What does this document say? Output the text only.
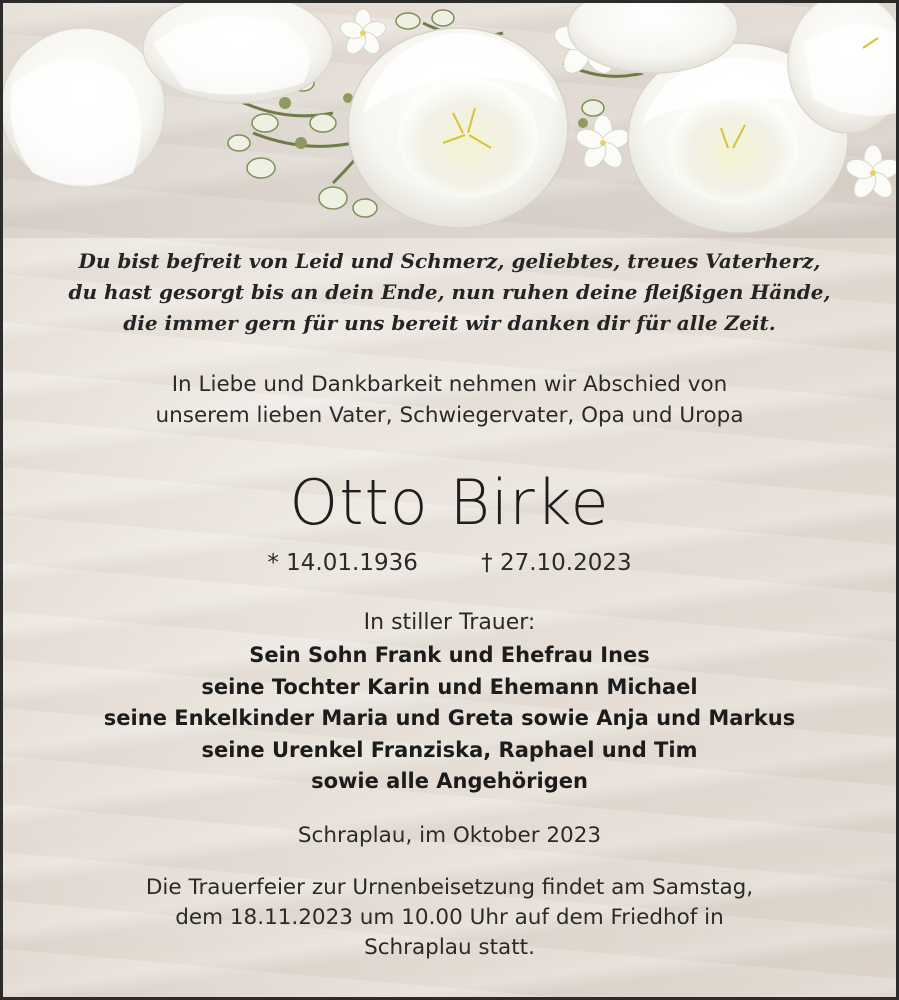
Du bist befreit von Leid und Schmerz, geliebtes, treues Vaterherz,
du hast gesorgt bis an dein Ende, nun ruhen deine fleißigen Hände,
die immer gern für uns bereit wir danken dir für alle Zeit.
In Liebe und Dankbarkeit nehmen wir Abschied von
unserem lieben Vater, Schwiegervater, Opa und Uropa
Otto Birke
* 14.01.1936	† 27.10.2023
In stiller Trauer:
Sein Sohn Frank und Ehefrau Ines
seine Tochter Karin und Ehemann Michael
seine Enkelkinder Maria und Greta sowie Anja und Markus
seine Urenkel Franziska, Raphael und Tim
sowie alle Angehörigen
Schraplau, im Oktober 2023
Die Trauerfeier zur Urnenbeisetzung findet am Samstag,
dem 18.11.2023 um 10.00 Uhr auf dem Friedhof in
Schraplau statt.
